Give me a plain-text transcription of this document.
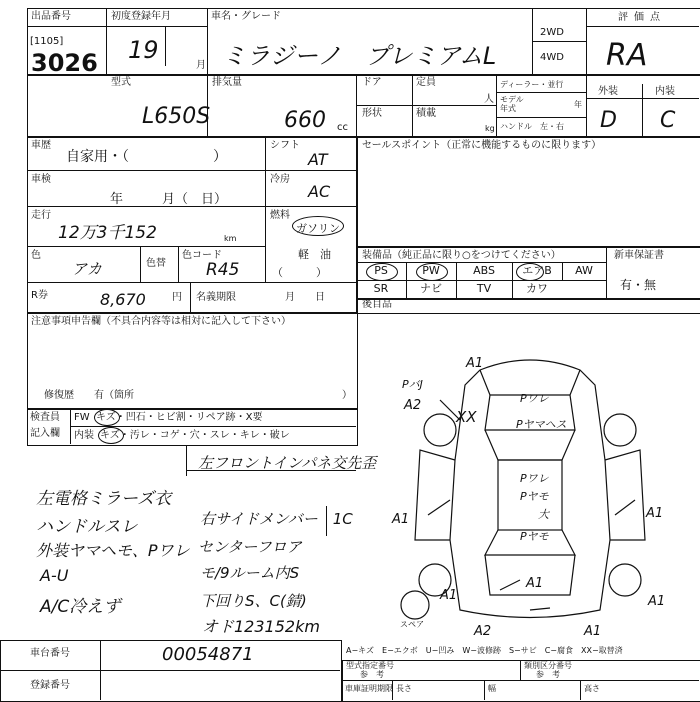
出品番号
[1105]
3026
初度登録年月
19
月
車名・グレード
ミラジーノ　プレミアムL
2WD
4WD
評価点
RA
型式
L650S
排気量
660 cc
ドア	定員
人
形状	積載
kg
ディーラー・並行
モデル
年式	年
ハンドル　左・右
外装	内装
D C
車歴
自家用・（　　　　　　）
シフト
AT
車検
年　　　月（　日）
冷房
AC
走行
12万3千152	km
燃料
ガソリン
軽　油
（　　　）
色
アカ	色替
色コード
R45
R券	8,670	円 名義期限	月　　日
セールスポイント（正常に機能するものに限ります）
装備品（純正品に限り○をつけてください）	新車保証書
有・無
PS	PW	ABS	エアB	AW
SR	ナビ	TV	カワ
後目品
注意事項申告欄（不具合内容等は相対に記入して下さい）
修復歴　　有（箇所	）
検査員
記入欄
FW キズ・凹石・ヒビ割・リペア跡・X要
内装 キズ・汚レ・コゲ・穴・スレ・キレ・破レ
左フロントインパネ交先歪
左電格ミラーズ衣
ハンドルスレ
外装ヤマヘモ、Pワレ
A-U
A/C冷えず
右サイドメンバー　1C
センターフロア
モ/9ルーム内S
下回りS、C(錆)
オド123152km
A1
A2
PバJ
XX
Pワレ
Pヤマヘス
Pワレ
Pヤモ
大
Pヤモ
A1	A1
A1
A1	A1
A2	A1
スペア
A−キズ　E−エクボ　U−凹み　W−波修跡　S−サビ　C−腐食　XX−取替済
車台番号	00054871
登録番号
型式指定番号
参　考
類別区分番号
参　考
車庫証明期限 長さ	幅	高さ
